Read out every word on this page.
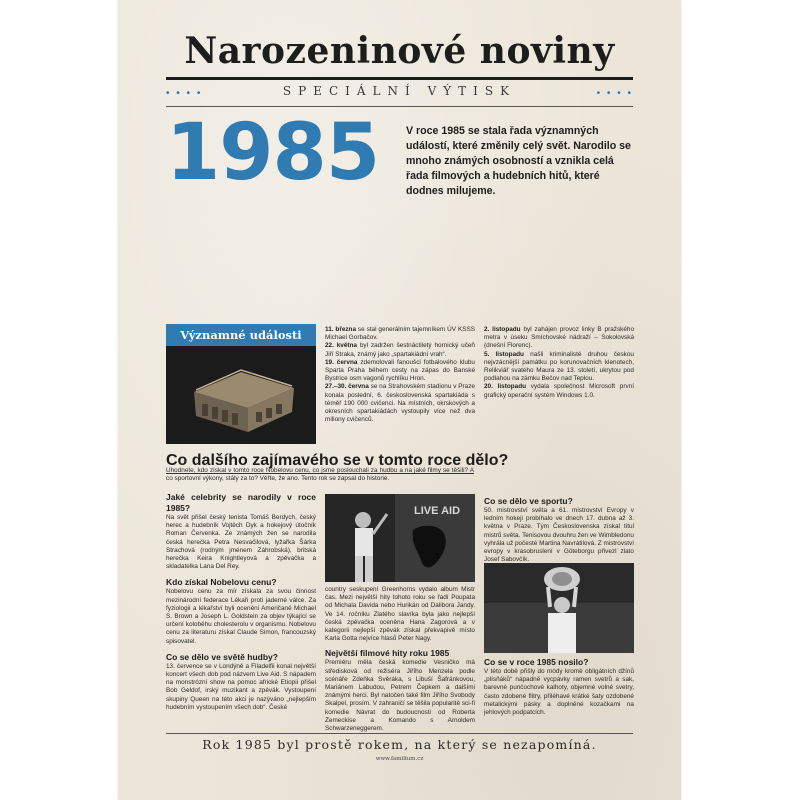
Narozeninové noviny
• • • •	SPECIÁLNÍ VÝTISK	• • • •
1985	V roce 1985 se stala řada významných událostí, které změnily celý svět. Narodilo se mnoho známých osobností a vznikla celá řada filmových a hudebních hitů, které dodnes milujeme.
Významné události	11. března se stal generálním tajemníkem ÚV KSSS Michael Gorbačov.
22. května byl zadržen šestnáctiletý hornický učeň Jiří Straka, známý jako „spartakiádní vrah“.
19. června zdemolovali fanoušci fotbalového klubu Sparta Praha během cesty na zápas do Banské Bystrice osm vagonů rychlíku Hron.
27.–30. června se na Strahovském stadionu v Praze konala poslední, 6. československá spartakiáda s téměř 190 000 cvičenci. Na místních, okrskových a okresních spartakiádách vystoupily více než dva miliony cvičenců.
2. listopadu byl zahájen provoz linky B pražského metra v úseku Smíchovské nádraží – Sokolovská (dnešní Florenc).
5. listopadu našli kriminalisté druhou českou nejvzácnější památku po korunovačních klenotech, Relikviář svatého Maura ze 13. století, ukrytou pod podlahou na zámku Bečov nad Teplou.
20. listopadu vydala společnost Microsoft první grafický operační systém Windows 1.0.
Co dalšího zajímavého se v tomto roce dělo?
Uhodnete, kdo získal v tomto roce Nobelovu cenu, co jsme poslouchali za hudbu a na jaké filmy se těšili? A co sportovní výkony, stály za to? Věřte, že ano. Tento rok se zapsal do historie.
Jaké celebrity se narodily v roce 1985?
Na svět přišel český tenista Tomáš Berdych, český herec a hudebník Vojtěch Dyk a hokejový útočník Roman Červenka. Ze známých žen se narodila česká herečka Petra Nesvačilová, lyžařka Šárka Strachová (rodným jménem Záhrobská), britská herečka Keira Knightleyová a zpěvačka a skladatelka Lana Del Rey.
Kdo získal Nobelovu cenu?
Nobelovu cenu za mír získala za svou činnost mezinárodní federace Lékaři proti jaderné válce. Za fyziologii a lékařství byli oceněni Američané Michael S. Brown a Joseph L. Goldstein za objev týkající se určení koloběhu cholesterolu v organismu. Nobelovu cenu za literaturu získal Claude Simon, francouzský spisovatel.
Co se dělo ve světě hudby?
13. července se v Londýně a Filadelfii konal největší koncert všech dob pod názvem Live Aid. S nápadem na monstrózní show na pomoc africké Etiopii přišel Bob Geldof, irský muzikant a zpěvák. Vystoupení skupiny Queen na této akci je nazýváno „nejlepším hudebním vystoupením všech dob“. České
LIVE AID
country seskupení Greenhorns vydalo album Mistr čas. Mezi největší hity tohoto roku se řadí Poupata od Michala Davida nebo Hurikán od Dalibora Jandy. Ve 14. ročníku Zlatého slavíka byla jako nejlepší česká zpěvačka oceněna Hana Zagorová a v kategorii nejlepší zpěvák získal překvapivě místo Karla Gotta nejvíce hlasů Peter Nagy.
Největší filmové hity roku 1985
Premiéru měla česká komedie Vesničko má středisková od režiséra Jiřího Menzela podle scénáře Zdeňka Svěráka, s Libuší Šafránkovou, Mariánem Labudou, Petrem Čepkem a dalšími známými herci. Byl natočen také film Jiřího Svobody Skalpel, prosím. V zahraničí se těšila popularitě sci-fi komedie Návrat do budoucnosti od Roberta Zemeckise a Komando s Arnoldem Schwarzeneggerem.
Co se dělo ve sportu?
50. mistrovství světa a 61. mistrovství Evropy v ledním hokeji probíhalo ve dnech 17. dubna až 3. května v Praze. Tým Československa získal titul mistrů světa. Tenisovou dvouhru žen ve Wimbledonu vyhrála už počesté Martina Navrátilová. Z mistrovství evropy v krasobruslení v Göteborgu přivezl zlato Josef Sabovčík.
Co se v roce 1985 nosilo?
V této době přišly do módy kromě obligátních džínů „plísňáků“ nápadně vycpávky ramen svetrů a sak, barevné punčochové kalhoty, objemné volné svetry, často zdobené flitry, přiléhavé krátké šaty ozdobené metalickými pásky a doplněné kozačkami na jehlových podpatcích.
Rok 1985 byl prostě rokem, na který se nezapomíná.
www.familium.cz
